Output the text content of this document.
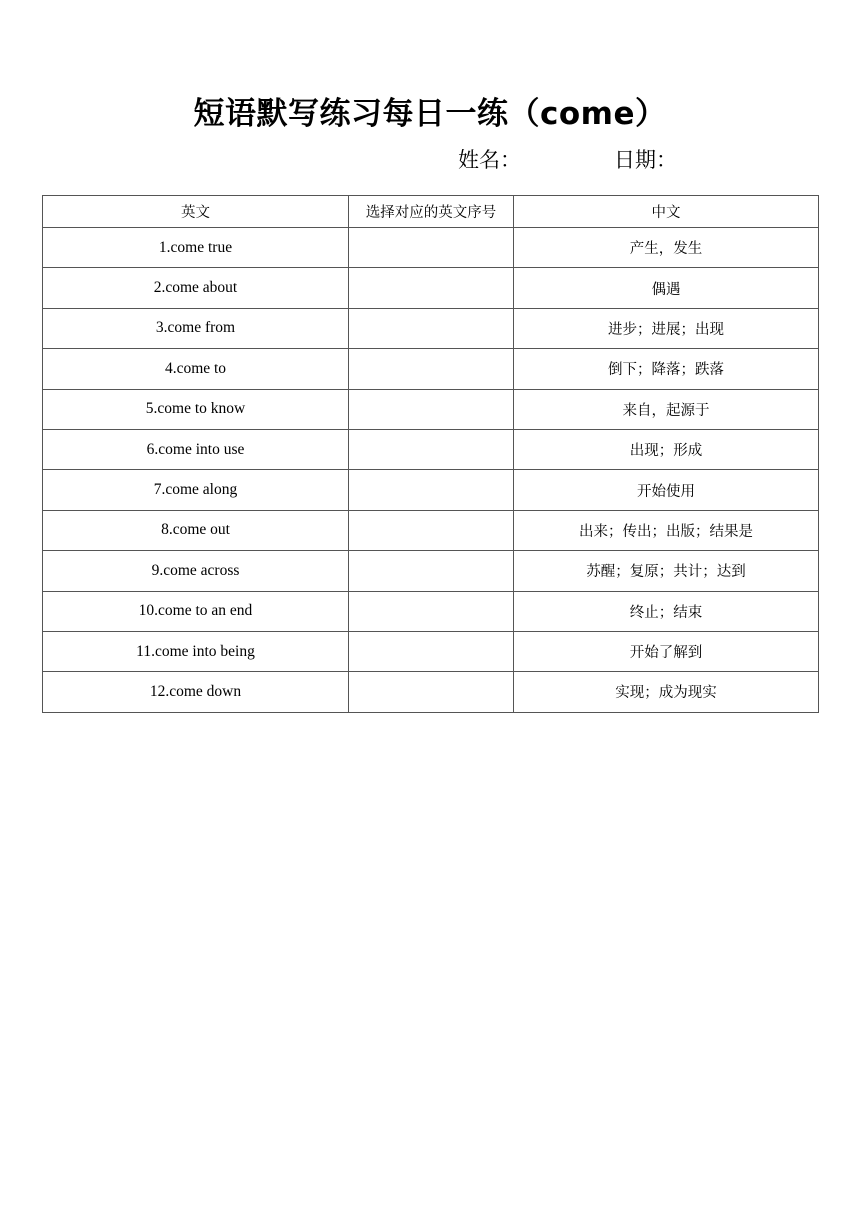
短语默写练习每日一练（come）
姓名：	日期：
英文	选择对应的英文序号	中文
1.come true		产生，发生
2.come about		偶遇
3.come from		进步；进展；出现
4.come to		倒下；降落；跌落
5.come to know		来自，起源于
6.come into use		出现；形成
7.come along		开始使用
8.come out		出来；传出；出版；结果是
9.come across		苏醒；复原；共计；达到
10.come to an end		终止；结束
11.come into being		开始了解到
12.come down		实现；成为现实
